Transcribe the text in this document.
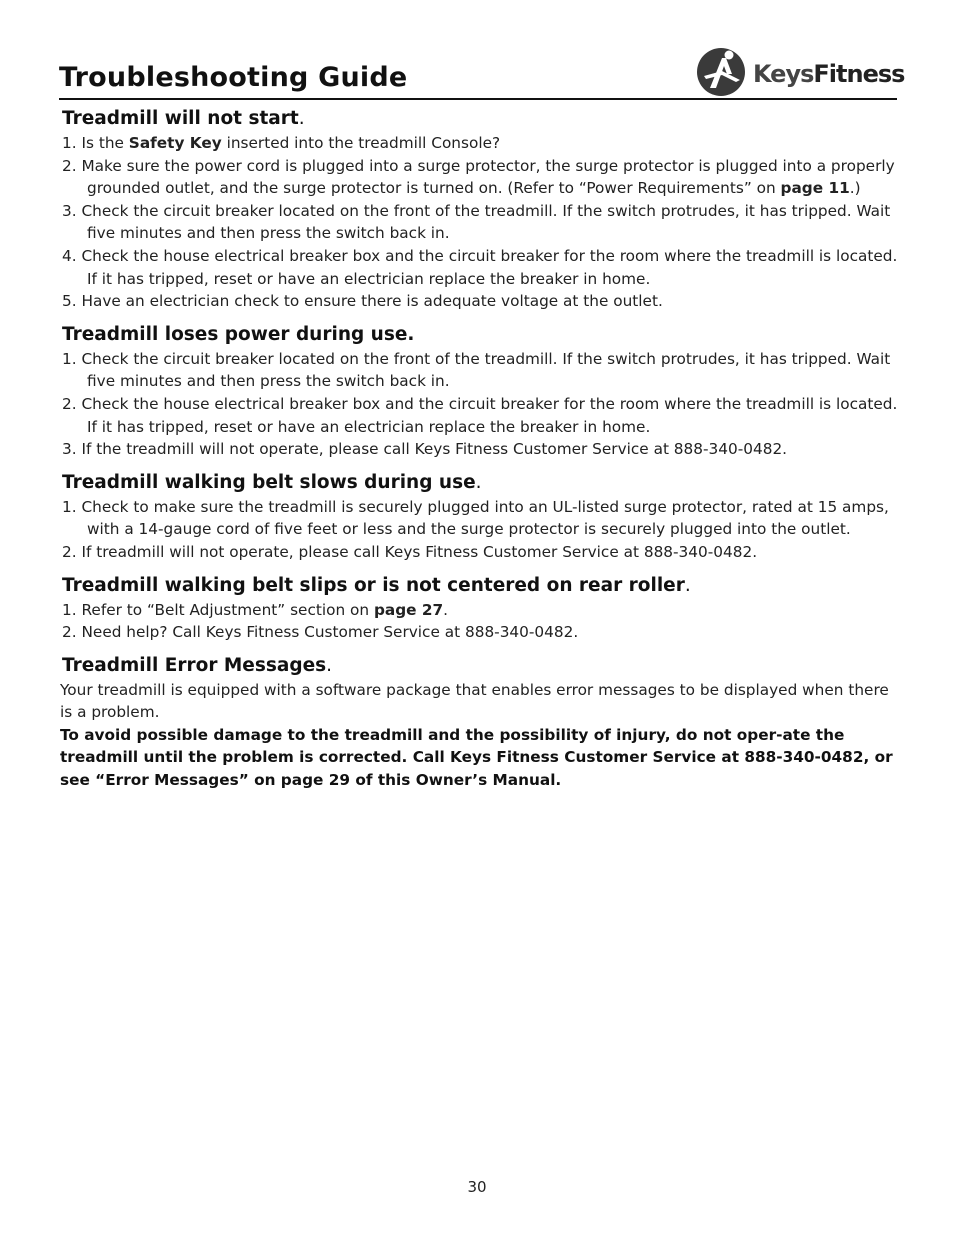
Troubleshooting Guide	KeysFitness
Treadmill will not start.
1. Is the Safety Key inserted into the treadmill Console?
2. Make sure the power cord is plugged into a surge protector, the surge protector is plugged into a properly grounded outlet, and the surge protector is turned on. (Refer to “Power Requirements” on page 11.)
3. Check the circuit breaker located on the front of the treadmill. If the switch protrudes, it has tripped. Wait five minutes and then press the switch back in.
4. Check the house electrical breaker box and the circuit breaker for the room where the treadmill is located. If it has tripped, reset or have an electrician replace the breaker in home.
5. Have an electrician check to ensure there is adequate voltage at the outlet.
Treadmill loses power during use.
1. Check the circuit breaker located on the front of the treadmill. If the switch protrudes, it has tripped. Wait five minutes and then press the switch back in.
2. Check the house electrical breaker box and the circuit breaker for the room where the treadmill is located. If it has tripped, reset or have an electrician replace the breaker in home.
3. If the treadmill will not operate, please call Keys Fitness Customer Service at 888-340-0482.
Treadmill walking belt slows during use.
1. Check to make sure the treadmill is securely plugged into an UL-listed surge protector, rated at 15 amps, with a 14-gauge cord of five feet or less and the surge protector is securely plugged into the outlet.
2. If treadmill will not operate, please call Keys Fitness Customer Service at 888-340-0482.
Treadmill walking belt slips or is not centered on rear roller.
1. Refer to “Belt Adjustment” section on page 27.
2. Need help? Call Keys Fitness Customer Service at 888-340-0482.
Treadmill Error Messages.

Your treadmill is equipped with a software package that enables error messages to be displayed when there is a problem.

To avoid possible damage to the treadmill and the possibility of injury, do not oper-ate the treadmill until the problem is corrected. Call Keys Fitness Customer Service at 888-340-0482, or see “Error Messages” on page 29 of this Owner’s Manual.

30
